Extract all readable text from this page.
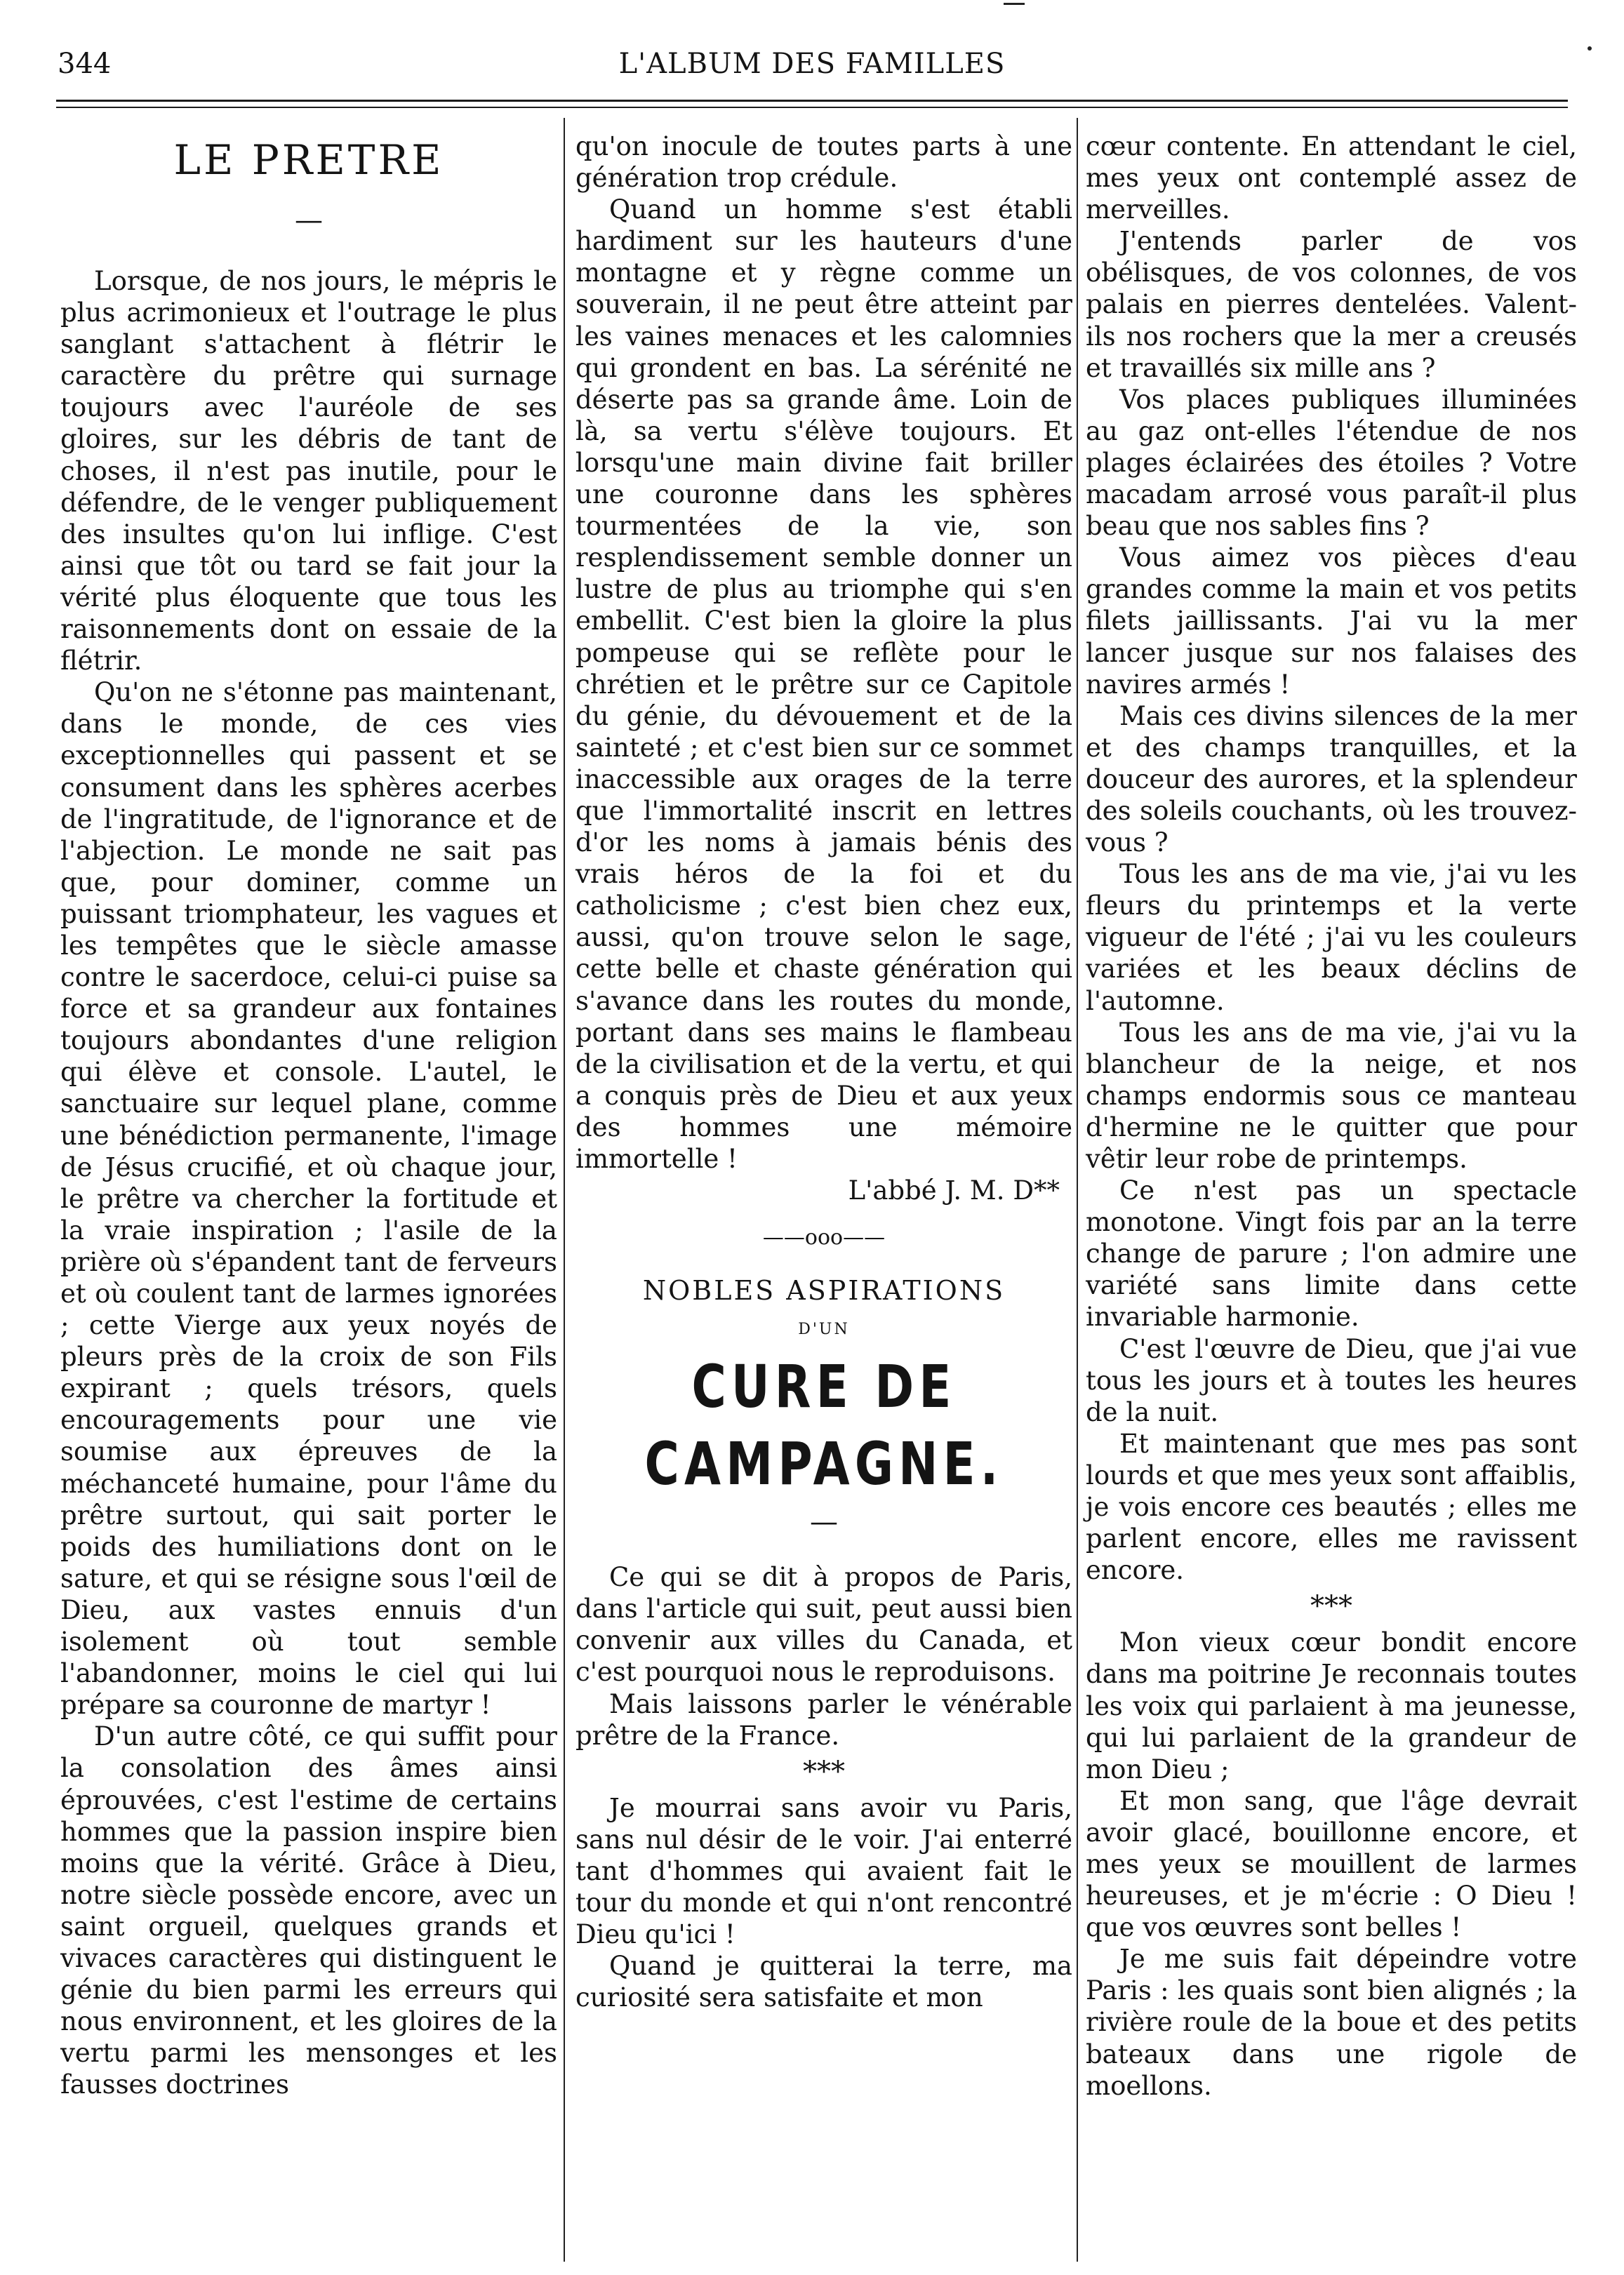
344	L'ALBUM DES FAMILLES
LE PRETRE
—

Lorsque, de nos jours, le mépris le plus acrimonieux et l'outrage le plus sanglant s'attachent à flétrir le caractère du prêtre qui surnage toujours avec l'auréole de ses gloires, sur les débris de tant de choses, il n'est pas inutile, pour le défendre, de le venger publiquement des insultes qu'on lui inflige. C'est ainsi que tôt ou tard se fait jour la vérité plus éloquente que tous les raisonnements dont on essaie de la flétrir.

Qu'on ne s'étonne pas maintenant, dans le monde, de ces vies exceptionnelles qui passent et se consument dans les sphères acerbes de l'ingratitude, de l'ignorance et de l'abjection. Le monde ne sait pas que, pour dominer, comme un puissant triomphateur, les vagues et les tempêtes que le siècle amasse contre le sacerdoce, celui-ci puise sa force et sa grandeur aux fontaines toujours abondantes d'une religion qui élève et console. L'autel, le sanctuaire sur lequel plane, comme une bénédiction permanente, l'image de Jésus crucifié, et où chaque jour, le prêtre va chercher la fortitude et la vraie inspiration ; l'asile de la prière où s'épandent tant de ferveurs et où coulent tant de larmes ignorées ; cette Vierge aux yeux noyés de pleurs près de la croix de son Fils expirant ; quels trésors, quels encouragements pour une vie soumise aux épreuves de la méchanceté humaine, pour l'âme du prêtre surtout, qui sait porter le poids des humiliations dont on le sature, et qui se résigne sous l'œil de Dieu, aux vastes ennuis d'un isolement où tout semble l'abandonner, moins le ciel qui lui prépare sa couronne de martyr !

D'un autre côté, ce qui suffit pour la consolation des âmes ainsi éprouvées, c'est l'estime de certains hommes que la passion inspire bien moins que la vérité. Grâce à Dieu, notre siècle possède encore, avec un saint orgueil, quelques grands et vivaces caractères qui distinguent le génie du bien parmi les erreurs qui nous environnent, et les gloires de la vertu parmi les mensonges et les fausses doctrines

qu'on inocule de toutes parts à une génération trop crédule.

Quand un homme s'est établi hardiment sur les hauteurs d'une montagne et y règne comme un souverain, il ne peut être atteint par les vaines menaces et les calomnies qui grondent en bas. La sérénité ne déserte pas sa grande âme. Loin de là, sa vertu s'élève toujours. Et lorsqu'une main divine fait briller une couronne dans les sphères tourmentées de la vie, son resplendissement semble donner un lustre de plus au triomphe qui s'en embellit. C'est bien la gloire la plus pompeuse qui se reflète pour le chrétien et le prêtre sur ce Capitole du génie, du dévouement et de la sainteté ; et c'est bien sur ce sommet inaccessible aux orages de la terre que l'immortalité inscrit en lettres d'or les noms à jamais bénis des vrais héros de la foi et du catholicisme ; c'est bien chez eux, aussi, qu'on trouve selon le sage, cette belle et chaste génération qui s'avance dans les routes du monde, portant dans ses mains le flambeau de la civilisation et de la vertu, et qui a conquis près de Dieu et aux yeux des hommes une mémoire immortelle !

L'abbé J. M. D**

——ooo——
NOBLES ASPIRATIONS
D'UN
CURE DE CAMPAGNE.
—

Ce qui se dit à propos de Paris, dans l'article qui suit, peut aussi bien convenir aux villes du Canada, et c'est pourquoi nous le reproduisons.

Mais laissons parler le vénérable prêtre de la France.

***

Je mourrai sans avoir vu Paris, sans nul désir de le voir. J'ai enterré tant d'hommes qui avaient fait le tour du monde et qui n'ont rencontré Dieu qu'ici !

Quand je quitterai la terre, ma curiosité sera satisfaite et mon

cœur contente. En attendant le ciel, mes yeux ont contemplé assez de merveilles.

J'entends parler de vos obélisques, de vos colonnes, de vos palais en pierres dentelées. Valent-ils nos rochers que la mer a creusés et travaillés six mille ans ?

Vos places publiques illuminées au gaz ont-elles l'étendue de nos plages éclairées des étoiles ? Votre macadam arrosé vous paraît-il plus beau que nos sables fins ?

Vous aimez vos pièces d'eau grandes comme la main et vos petits filets jaillissants. J'ai vu la mer lancer jusque sur nos falaises des navires armés !

Mais ces divins silences de la mer et des champs tranquilles, et la douceur des aurores, et la splendeur des soleils couchants, où les trouvez-vous ?

Tous les ans de ma vie, j'ai vu les fleurs du printemps et la verte vigueur de l'été ; j'ai vu les couleurs variées et les beaux déclins de l'automne.

Tous les ans de ma vie, j'ai vu la blancheur de la neige, et nos champs endormis sous ce manteau d'hermine ne le quitter que pour vêtir leur robe de printemps.

Ce n'est pas un spectacle monotone. Vingt fois par an la terre change de parure ; l'on admire une variété sans limite dans cette invariable harmonie.

C'est l'œuvre de Dieu, que j'ai vue tous les jours et à toutes les heures de la nuit.

Et maintenant que mes pas sont lourds et que mes yeux sont affaiblis, je vois encore ces beautés ; elles me parlent encore, elles me ravissent encore.

***

Mon vieux cœur bondit encore dans ma poitrine Je reconnais toutes les voix qui parlaient à ma jeunesse, qui lui parlaient de la grandeur de mon Dieu ;

Et mon sang, que l'âge devrait avoir glacé, bouillonne encore, et mes yeux se mouillent de larmes heureuses, et je m'écrie : O Dieu ! que vos œuvres sont belles !

Je me suis fait dépeindre votre Paris : les quais sont bien alignés ; la rivière roule de la boue et des petits bateaux dans une rigole de moellons.
